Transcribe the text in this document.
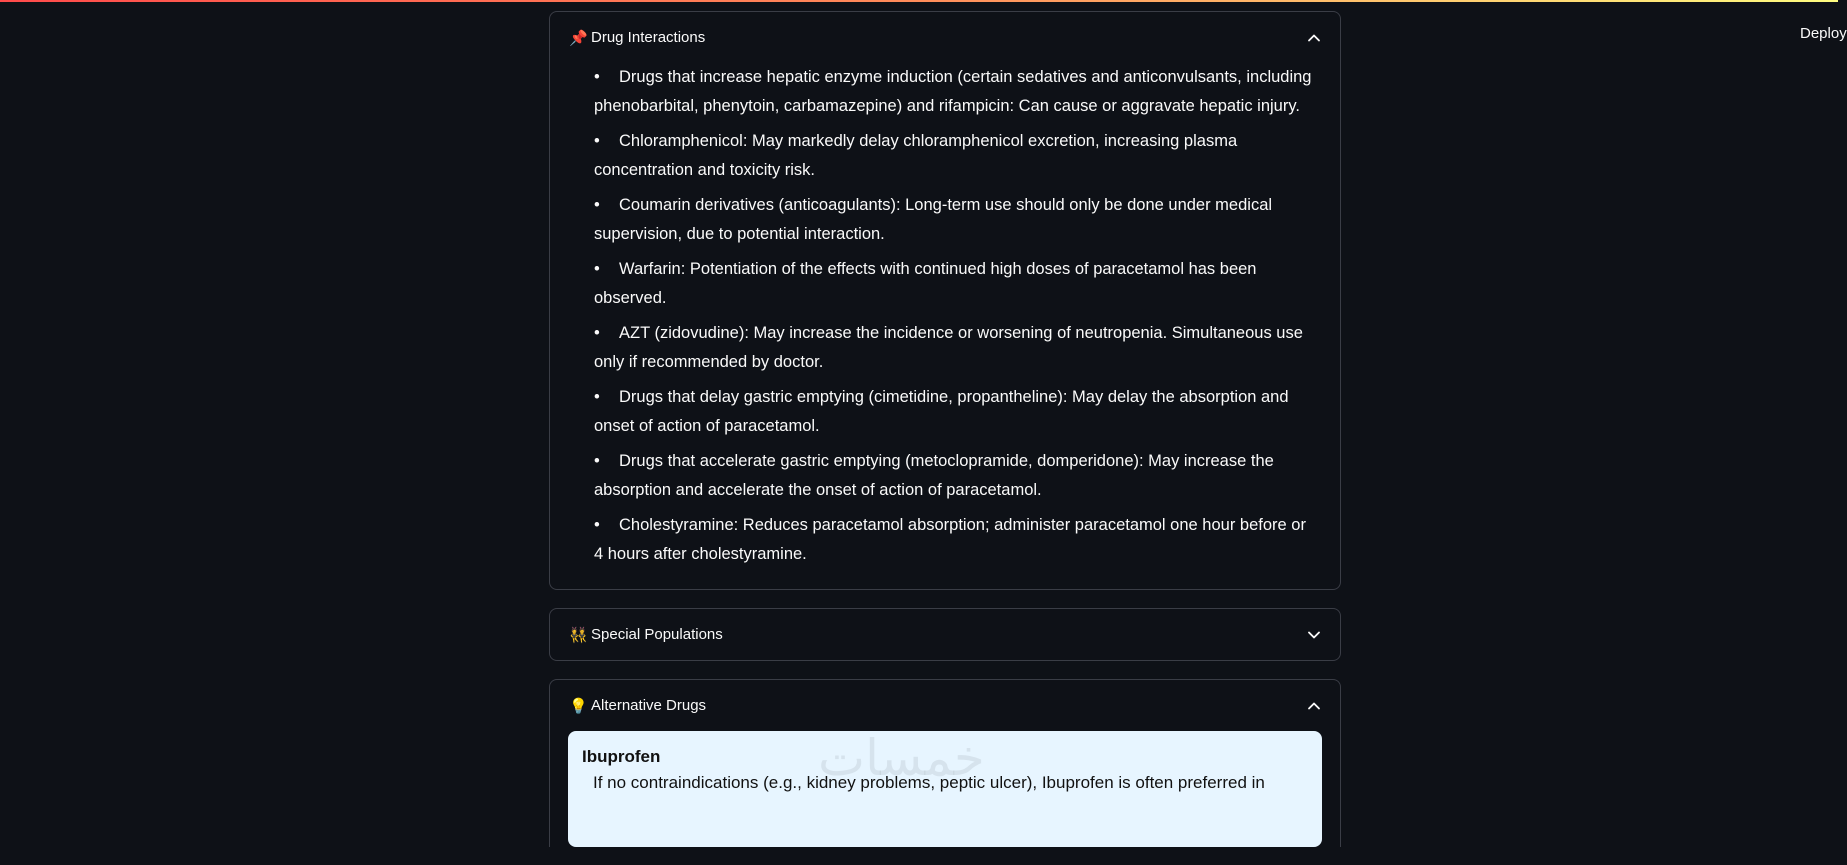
Deploy
📌 Drug Interactions
• Drugs that increase hepatic enzyme induction (certain sedatives and anticonvulsants, including phenobarbital, phenytoin, carbamazepine) and rifampicin: Can cause or aggravate hepatic injury.
• Chloramphenicol: May markedly delay chloramphenicol excretion, increasing plasma concentration and toxicity risk.
• Coumarin derivatives (anticoagulants): Long-term use should only be done under medical supervision, due to potential interaction.
• Warfarin: Potentiation of the effects with continued high doses of paracetamol has been observed.
• AZT (zidovudine): May increase the incidence or worsening of neutropenia. Simultaneous use only if recommended by doctor.
• Drugs that delay gastric emptying (cimetidine, propantheline): May delay the absorption and onset of action of paracetamol.
• Drugs that accelerate gastric emptying (metoclopramide, domperidone): May increase the absorption and accelerate the onset of action of paracetamol.
• Cholestyramine: Reduces paracetamol absorption; administer paracetamol one hour before or 4 hours after cholestyramine.
👯 Special Populations
💡 Alternative Drugs
خمسات
Ibuprofen
If no contraindications (e.g., kidney problems, peptic ulcer), Ibuprofen is often preferred in
